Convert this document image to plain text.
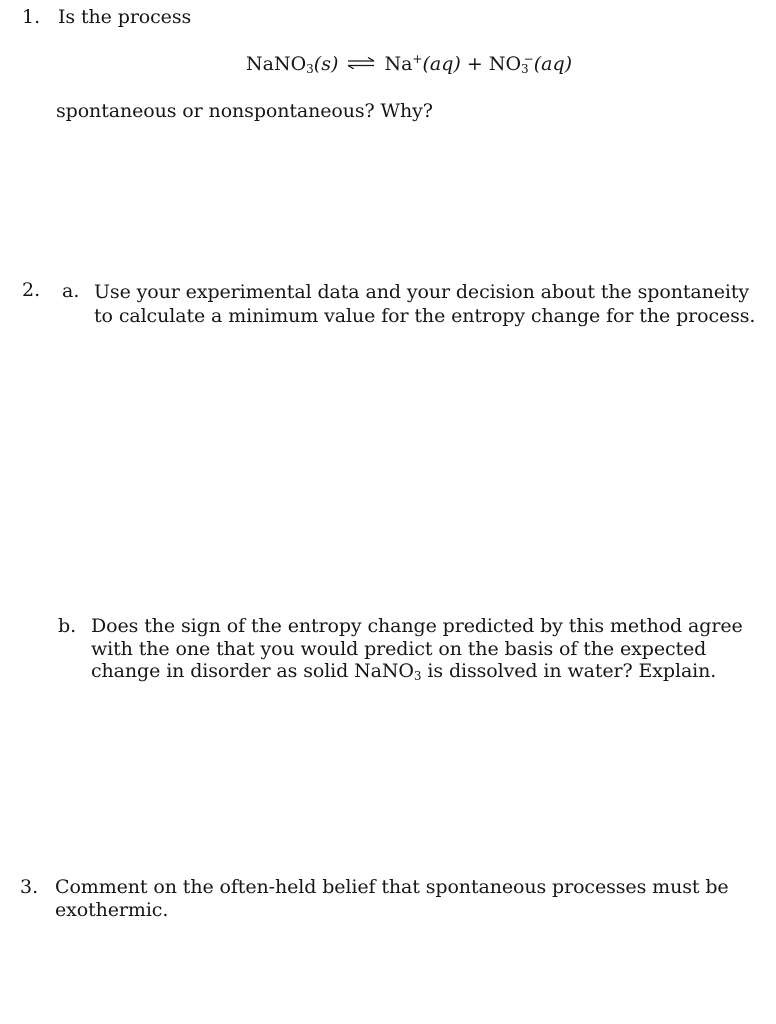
1. Is the process
NaNO$_3$(s) ⇌ $Na^+(aq) + NO_3^-(aq)$
spontaneous or nonspontaneous? Why?
2. a. Use your experimental data and your decision about the spontaneity
to calculate a minimum value for the entropy change for the process.
b. Does the sign of the entropy change predicted by this method agree
with the one that you would predict on the basis of the expected
change in disorder as solid NaNO$_3$ is dissolved in water? Explain.
3. Comment on the often-held belief that spontaneous processes must be
exothermic.
